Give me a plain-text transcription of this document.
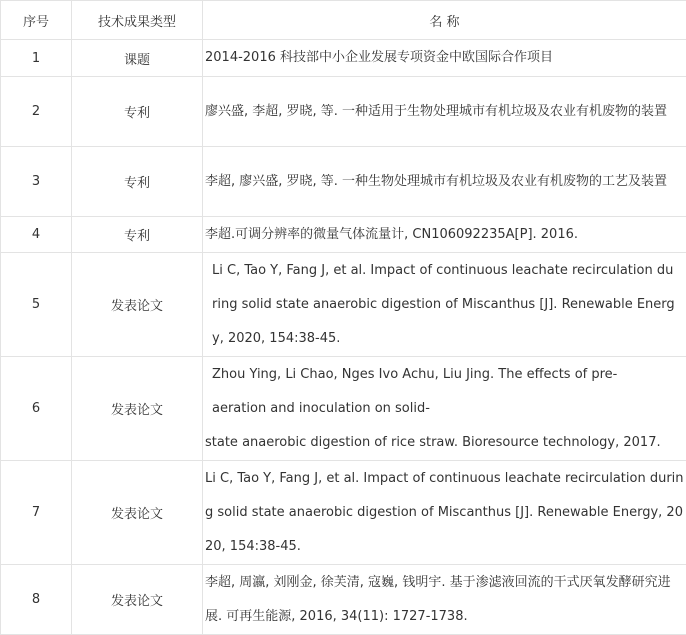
序号	技术成果类型	名 称
1	课题	2014-2016 科技部中小企业发展专项资金中欧国际合作项目
2	专利	廖兴盛, 李超, 罗晓, 等. 一种适用于生物处理城市有机垃圾及农业有机废物的装置
3	专利	李超, 廖兴盛, 罗晓, 等. 一种生物处理城市有机垃圾及农业有机废物的工艺及装置
4	专利	李超.可调分辨率的微量气体流量计, CN106092235A[P]. 2016.
5	发表论文	Li C, Tao Y, Fang J, et al. Impact of continuous leachate recirculation during solid state anaerobic digestion of Miscanthus [J]. Renewable Energy, 2020, 154:38-45.
6	发表论文	Zhou Ying, Li Chao, Nges Ivo Achu, Liu Jing. The effects of pre-
aeration and inoculation on solid-
state anaerobic digestion of rice straw. Bioresource technology, 2017.

7	发表论文	Li C, Tao Y, Fang J, et al. Impact of continuous leachate recirculation during solid state anaerobic digestion of Miscanthus [J]. Renewable Energy, 2020, 154:38-45.
8	发表论文	李超, 周瀛, 刘刚金, 徐芙清, 寇巍, 钱明宇. 基于渗滤液回流的干式厌氧发酵研究进展. 可再生能源, 2016, 34(11): 1727-1738.
